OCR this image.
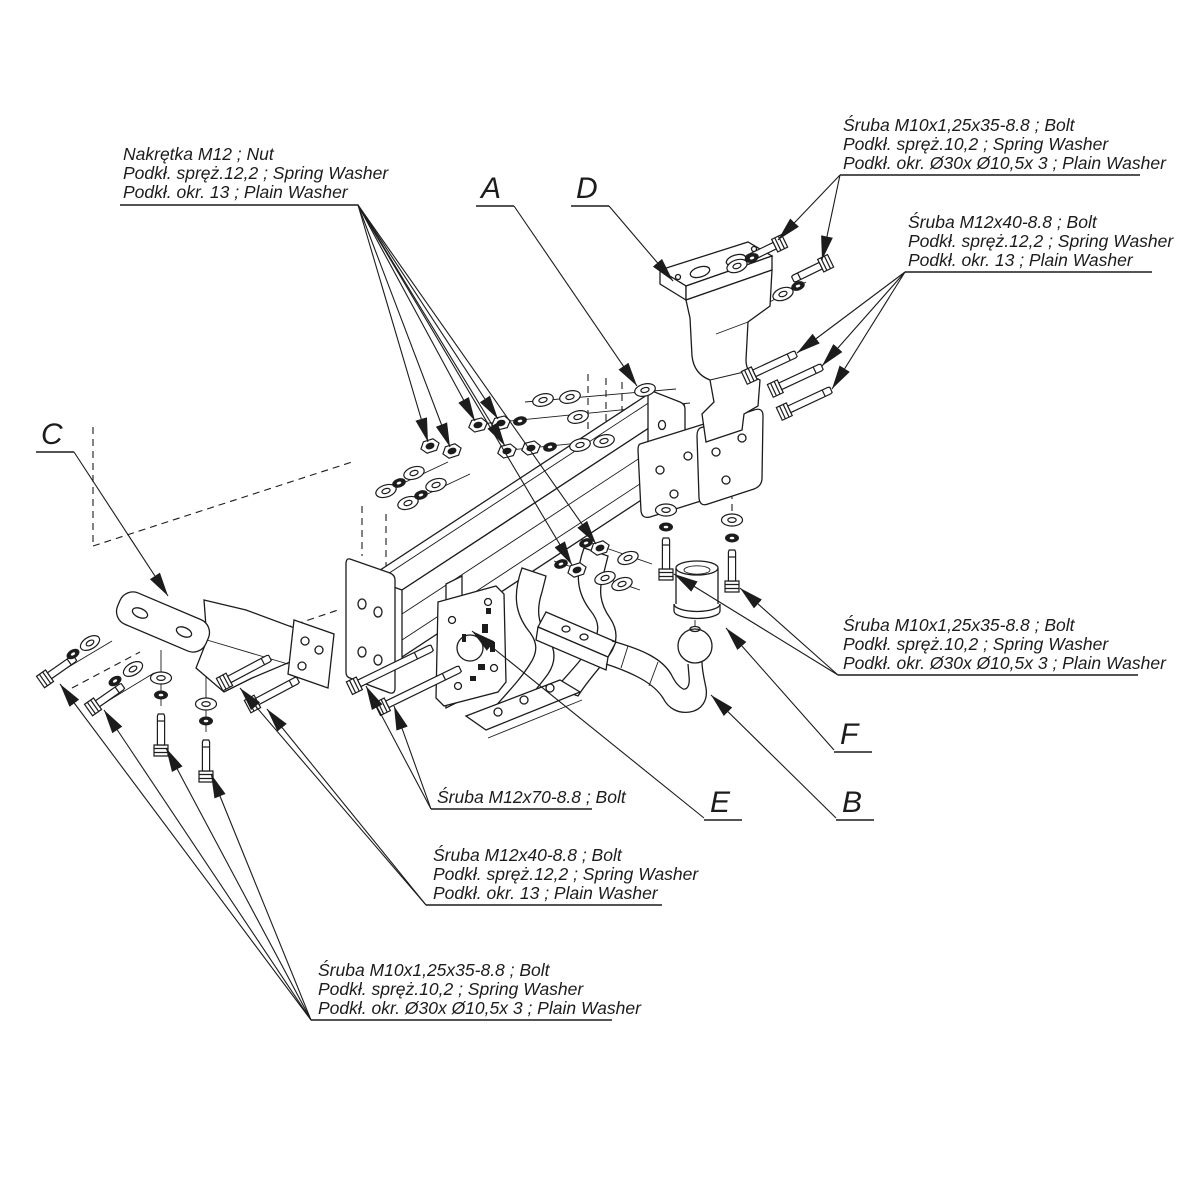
Nakrętka M12 ; Nut
Podkł. spręż.12,2 ; Spring Washer
Podkł. okr. 13 ; Plain Washer
Śruba M10x1,25x35-8.8 ; Bolt
Podkł. spręż.10,2 ; Spring Washer
Podkł. okr. Ø30x Ø10,5x 3 ; Plain Washer
Śruba M12x40-8.8 ; Bolt
Podkł. spręż.12,2 ; Spring Washer
Podkł. okr. 13 ; Plain Washer
Śruba M10x1,25x35-8.8 ; Bolt
Podkł. spręż.10,2 ; Spring Washer
Podkł. okr. Ø30x Ø10,5x 3 ; Plain Washer
Śruba M12x70-8.8 ; Bolt
Śruba M12x40-8.8 ; Bolt
Podkł. spręż.12,2 ; Spring Washer
Podkł. okr. 13 ; Plain Washer
Śruba M10x1,25x35-8.8 ; Bolt
Podkł. spręż.10,2 ; Spring Washer
Podkł. okr. Ø30x Ø10,5x 3 ; Plain Washer
A D
C
F
B
E
